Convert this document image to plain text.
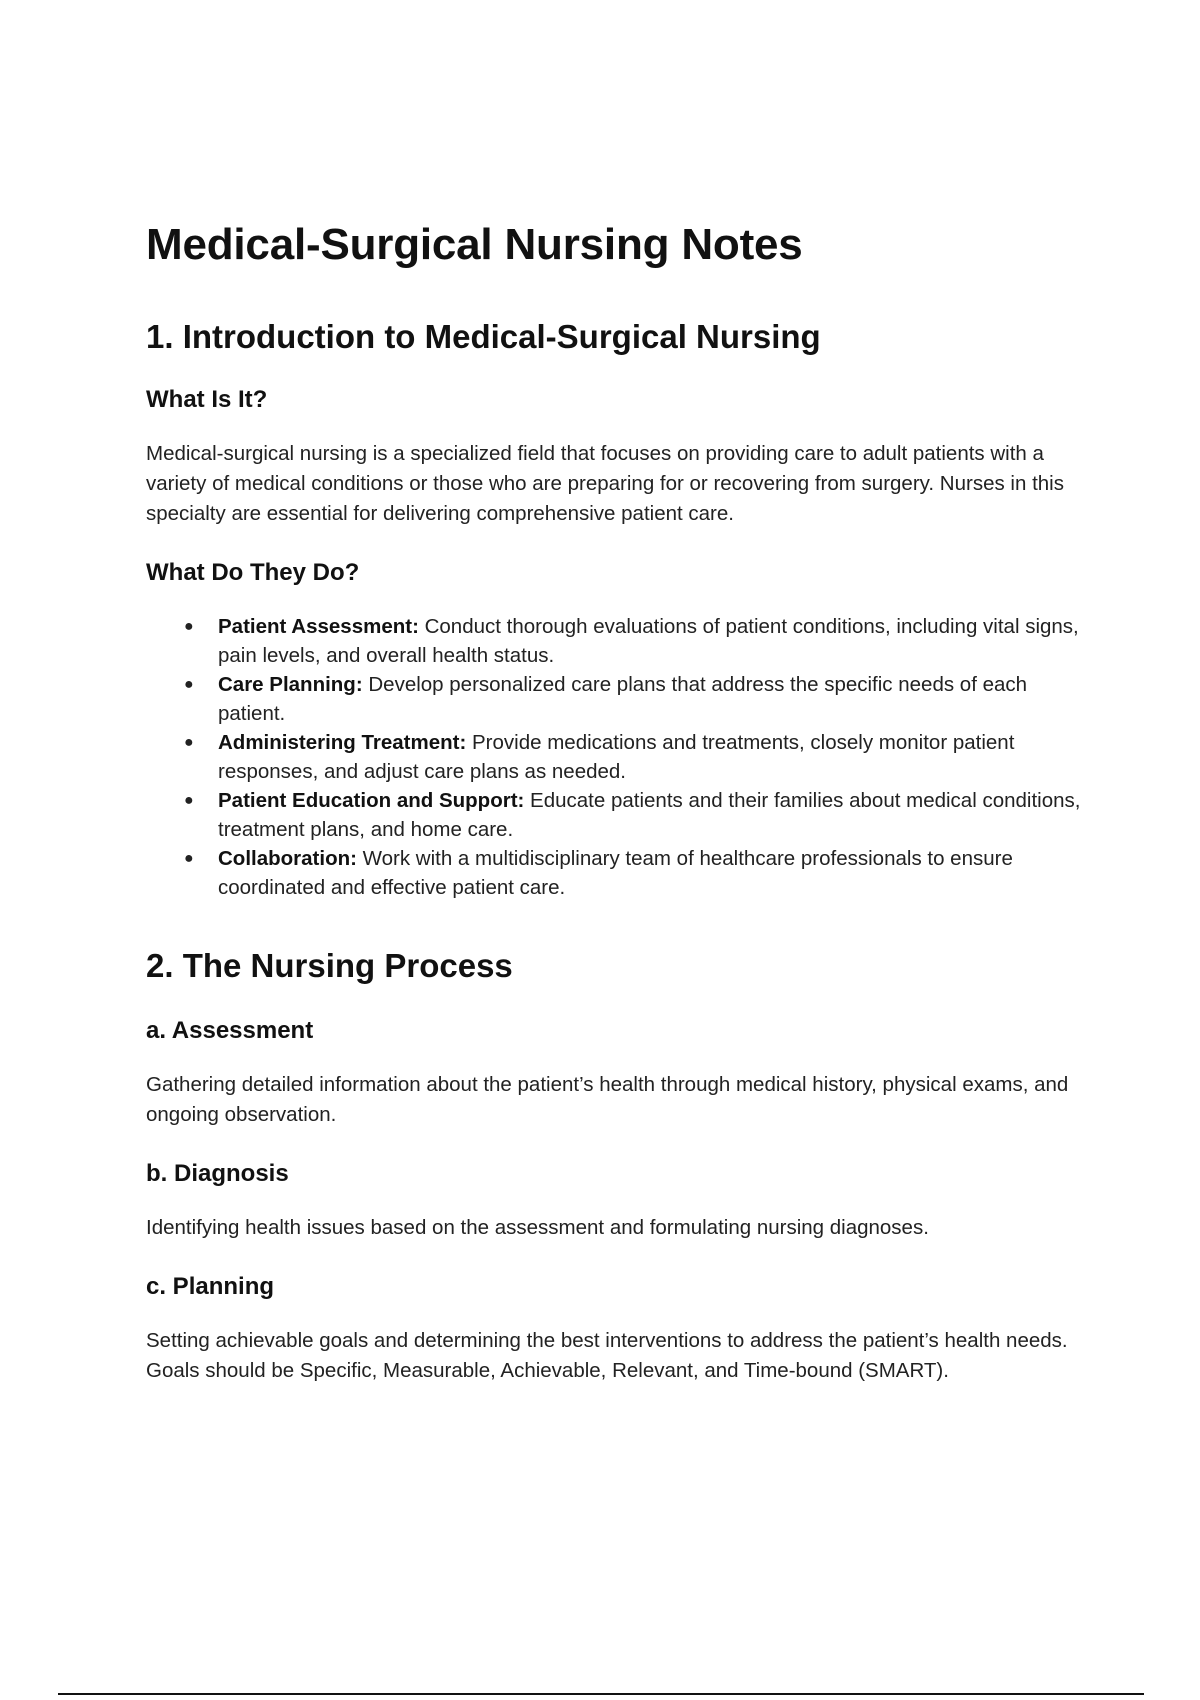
Medical-Surgical Nursing Notes
1. Introduction to Medical-Surgical Nursing
What Is It?

Medical-surgical nursing is a specialized field that focuses on providing care to adult patients with a variety of medical conditions or those who are preparing for or recovering from surgery. Nurses in this specialty are essential for delivering comprehensive patient care.

What Do They Do?
● Patient Assessment: Conduct thorough evaluations of patient conditions, including vital signs, pain levels, and overall health status.
● Care Planning: Develop personalized care plans that address the specific needs of each patient.
● Administering Treatment: Provide medications and treatments, closely monitor patient responses, and adjust care plans as needed.
● Patient Education and Support: Educate patients and their families about medical conditions, treatment plans, and home care.
● Collaboration: Work with a multidisciplinary team of healthcare professionals to ensure coordinated and effective patient care.
2. The Nursing Process
a. Assessment

Gathering detailed information about the patient’s health through medical history, physical exams, and ongoing observation.

b. Diagnosis

Identifying health issues based on the assessment and formulating nursing diagnoses.

c. Planning

Setting achievable goals and determining the best interventions to address the patient’s health needs. Goals should be Specific, Measurable, Achievable, Relevant, and Time-bound (SMART).
